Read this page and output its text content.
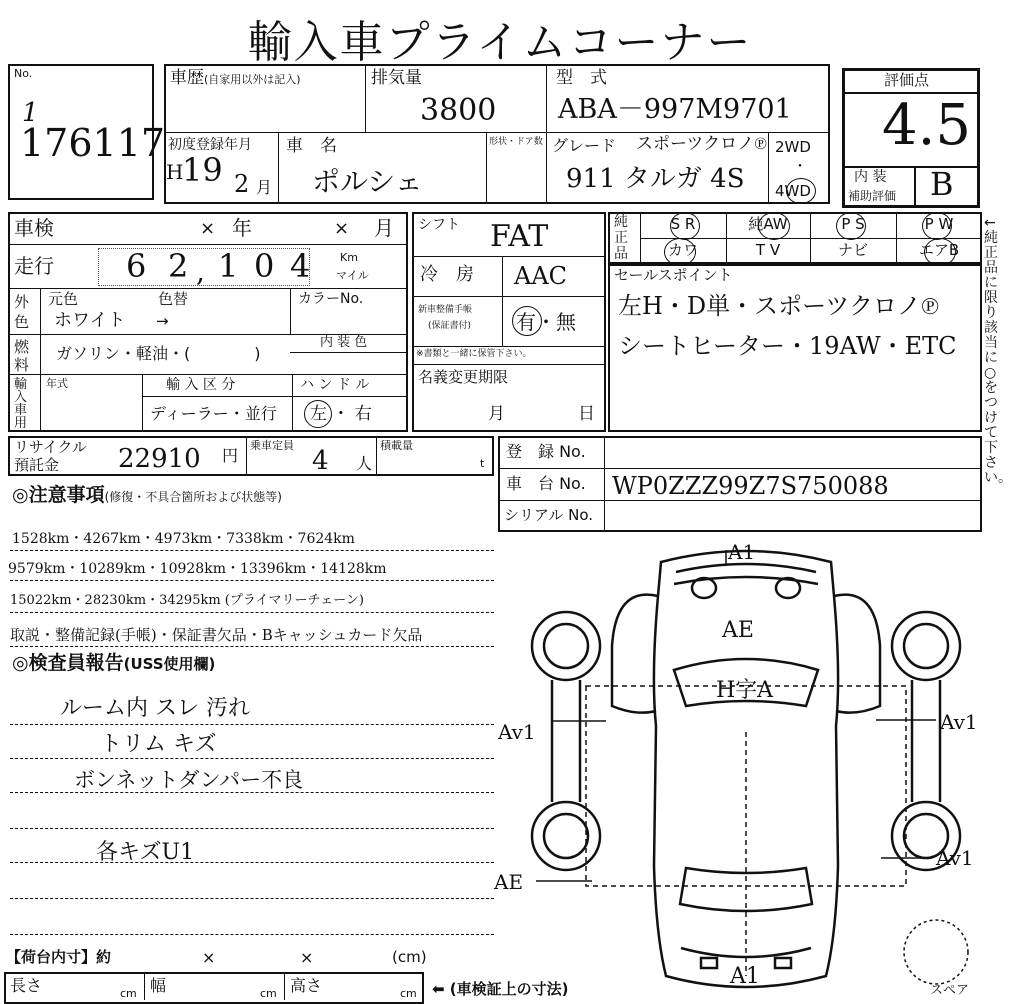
輸入車プライムコーナー
No.
1
176117
車歴(自家用以外は記入)	排気量
3800
型　式
ABA－997M9701
初度登録年月
H
19 2 月
車　名
ポルシェ
形状・ドア数 グレード スポーツクロノ℗
911 タルガ 4S
2WD
・
4WD
評価点
4.5
内 装
補助評価 B
車検	× 年	× 月
走行 6 2 , 1 0 4	Km
マイル
外色
元色	色替	カラーNo.
ホワイト →
燃料
ガソリン・軽油・(　　　　)
内 装 色
輸入車用
年式	輸 入 区 分
ディーラー・並行
ハ ン ド ル
左 ・ 右
シフト FAT
冷　房 AAC
新車整備手帳
(保証書付) 有・無
※書類と一緒に保管下さい。
名義変更期限
月	日
純正品
S R	純AW	P S	P W
カワ	T V	ナビ	エアB
←純正品に限り該当に○をつけて下さい。
セールスポイント
左H・D単・スポーツクロノ℗
シートヒーター・19AW・ETC
リサイクル
預託金 22910 円
乗車定員
4 人
積載量
t
登　録 No.
車　台 No. WP0ZZZ99Z7S750088
シリアル No.
◎注意事項(修復・不具合箇所および状態等)
1528km・4267km・4973km・7338km・7624km
9579km・10289km・10928km・13396km・14128km
15022km・28230km・34295km (プライマリーチェーン)
取説・整備記録(手帳)・保証書欠品・Bキャッシュカード欠品
◎検査員報告(USS使用欄)
ルーム内 スレ 汚れ
トリム キズ
ボンネットダンパー不良
各キズU1
【荷台内寸】約	×	×	(cm)
長さ	cm 幅	cm 高さ	cm ⬅ (車検証上の寸法)
A1
AE
H字A
Av1	Av1
Av1
AE
A1
スペア
